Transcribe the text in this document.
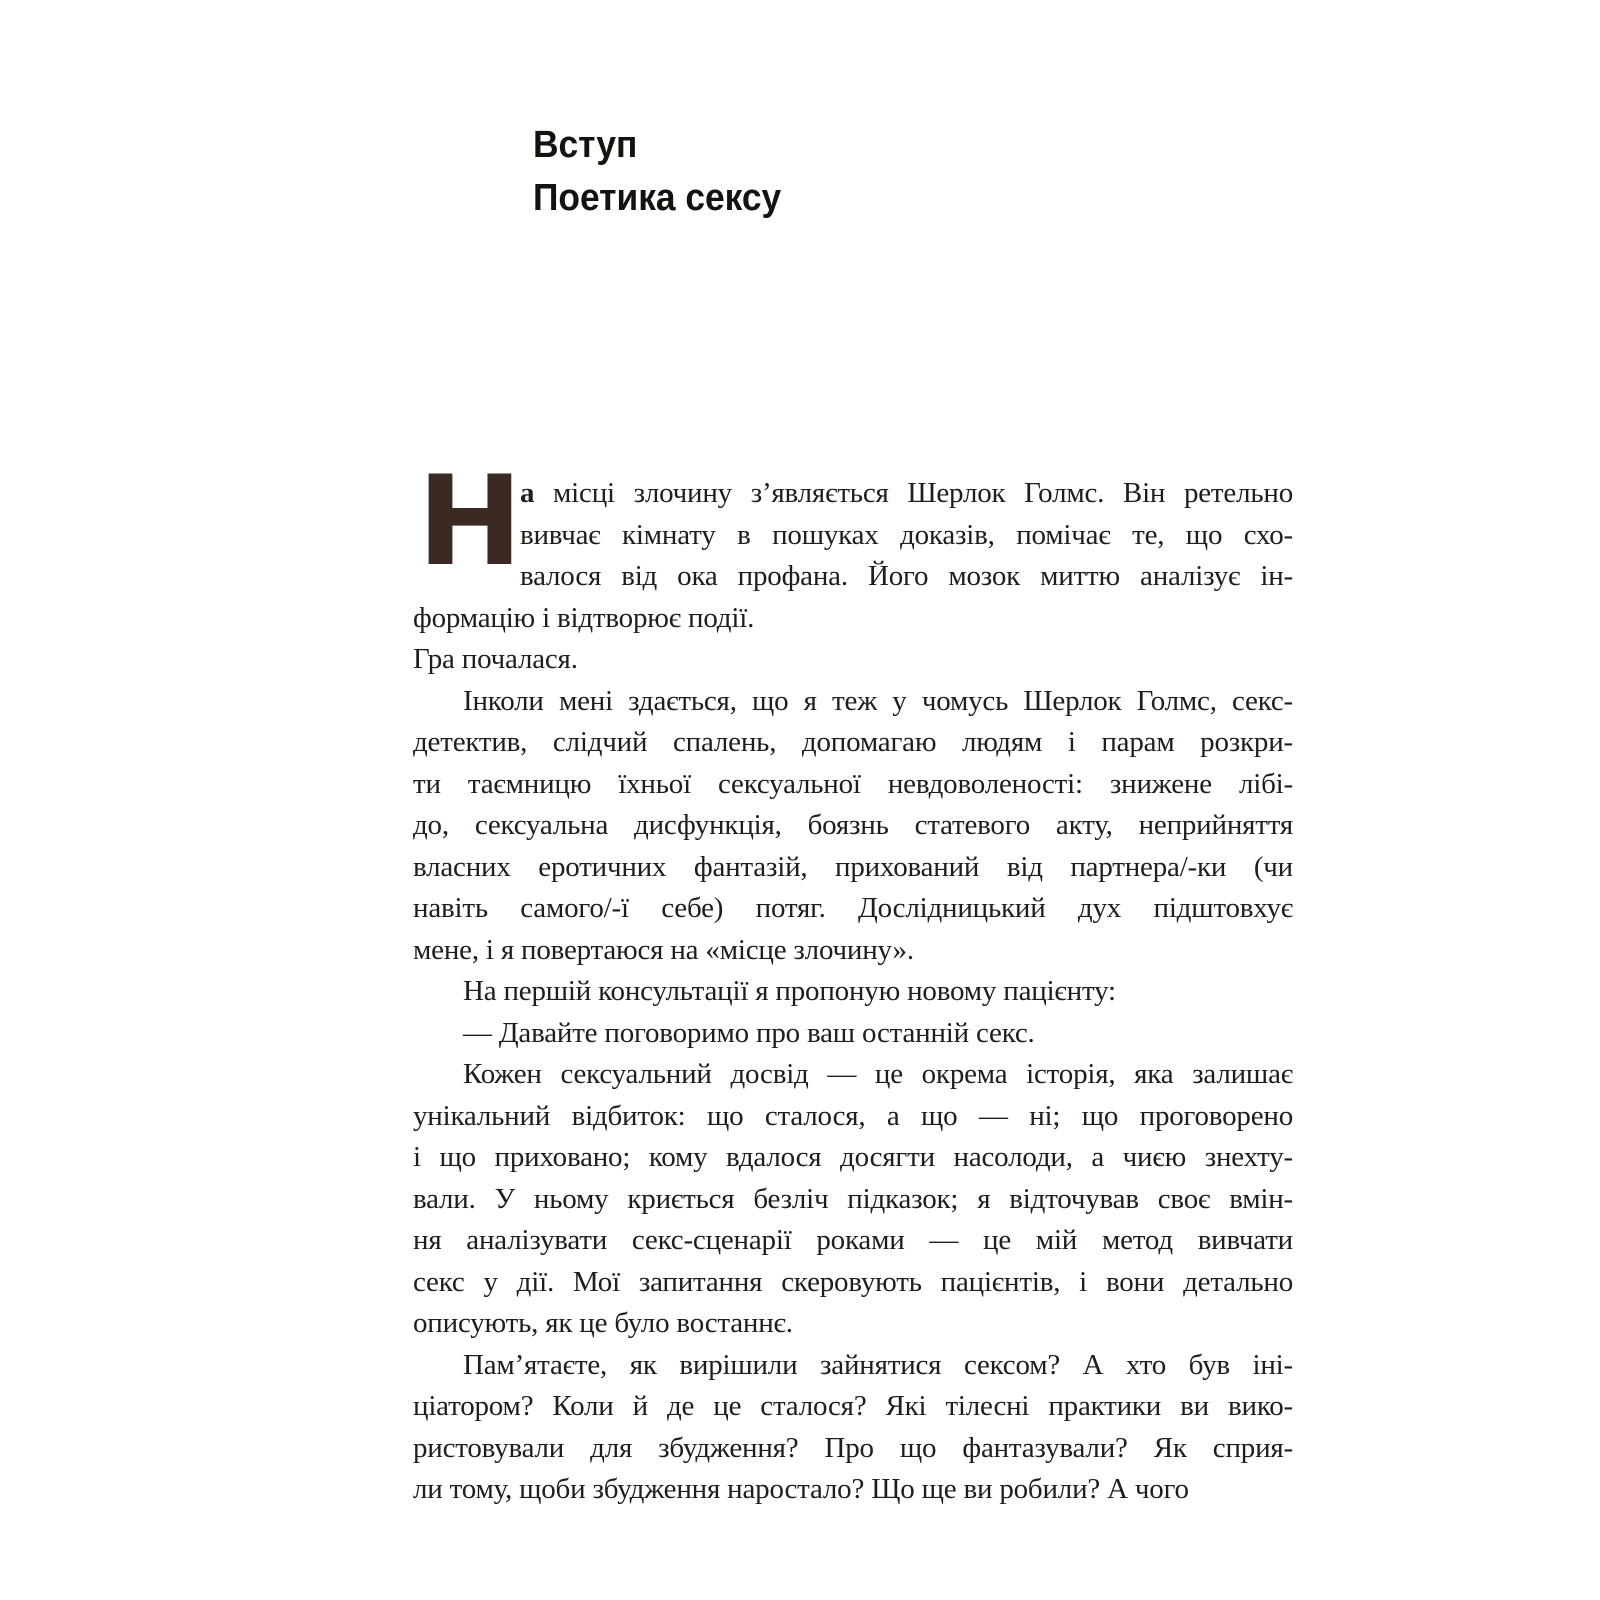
Вступ
Поетика сексу
Н
а місці злочину з’являється Шерлок Голмс. Він ретельно
вивчає кімнату в пошуках доказів, помічає те, що схо-
валося від ока профана. Його мозок миттю аналізує ін-
формацію і відтворює події.
Гра почалася.
Інколи мені здається, що я теж у чомусь Шерлок Голмс, секс-
детектив, слідчий спалень, допомагаю людям і парам розкри-
ти таємницю їхньої сексуальної невдоволеності: знижене лібі-
до, сексуальна дисфункція, боязнь статевого акту, неприйняття
власних еротичних фантазій, прихований від партнера/-ки (чи
навіть самого/-ї себе) потяг. Дослідницький дух підштовхує
мене, і я повертаюся на «місце злочину».
На першій консультації я пропоную новому пацієнту:
— Давайте поговоримо про ваш останній секс.
Кожен сексуальний досвід — це окрема історія, яка залишає
унікальний відбиток: що сталося, а що — ні; що проговорено
і що приховано; кому вдалося досягти насолоди, а чиєю знехту-
вали. У ньому криється безліч підказок; я відточував своє вмін-
ня аналізувати секс-сценарії роками — це мій метод вивчати
секс у дії. Мої запитання скеровують пацієнтів, і вони детально
описують, як це було востаннє.
Пам’ятаєте, як вирішили зайнятися сексом? А хто був іні-
ціатором? Коли й де це сталося? Які тілесні практики ви вико-
ристовували для збудження? Про що фантазували? Як сприя-
ли тому, щоби збудження наростало? Що ще ви робили? А чого
